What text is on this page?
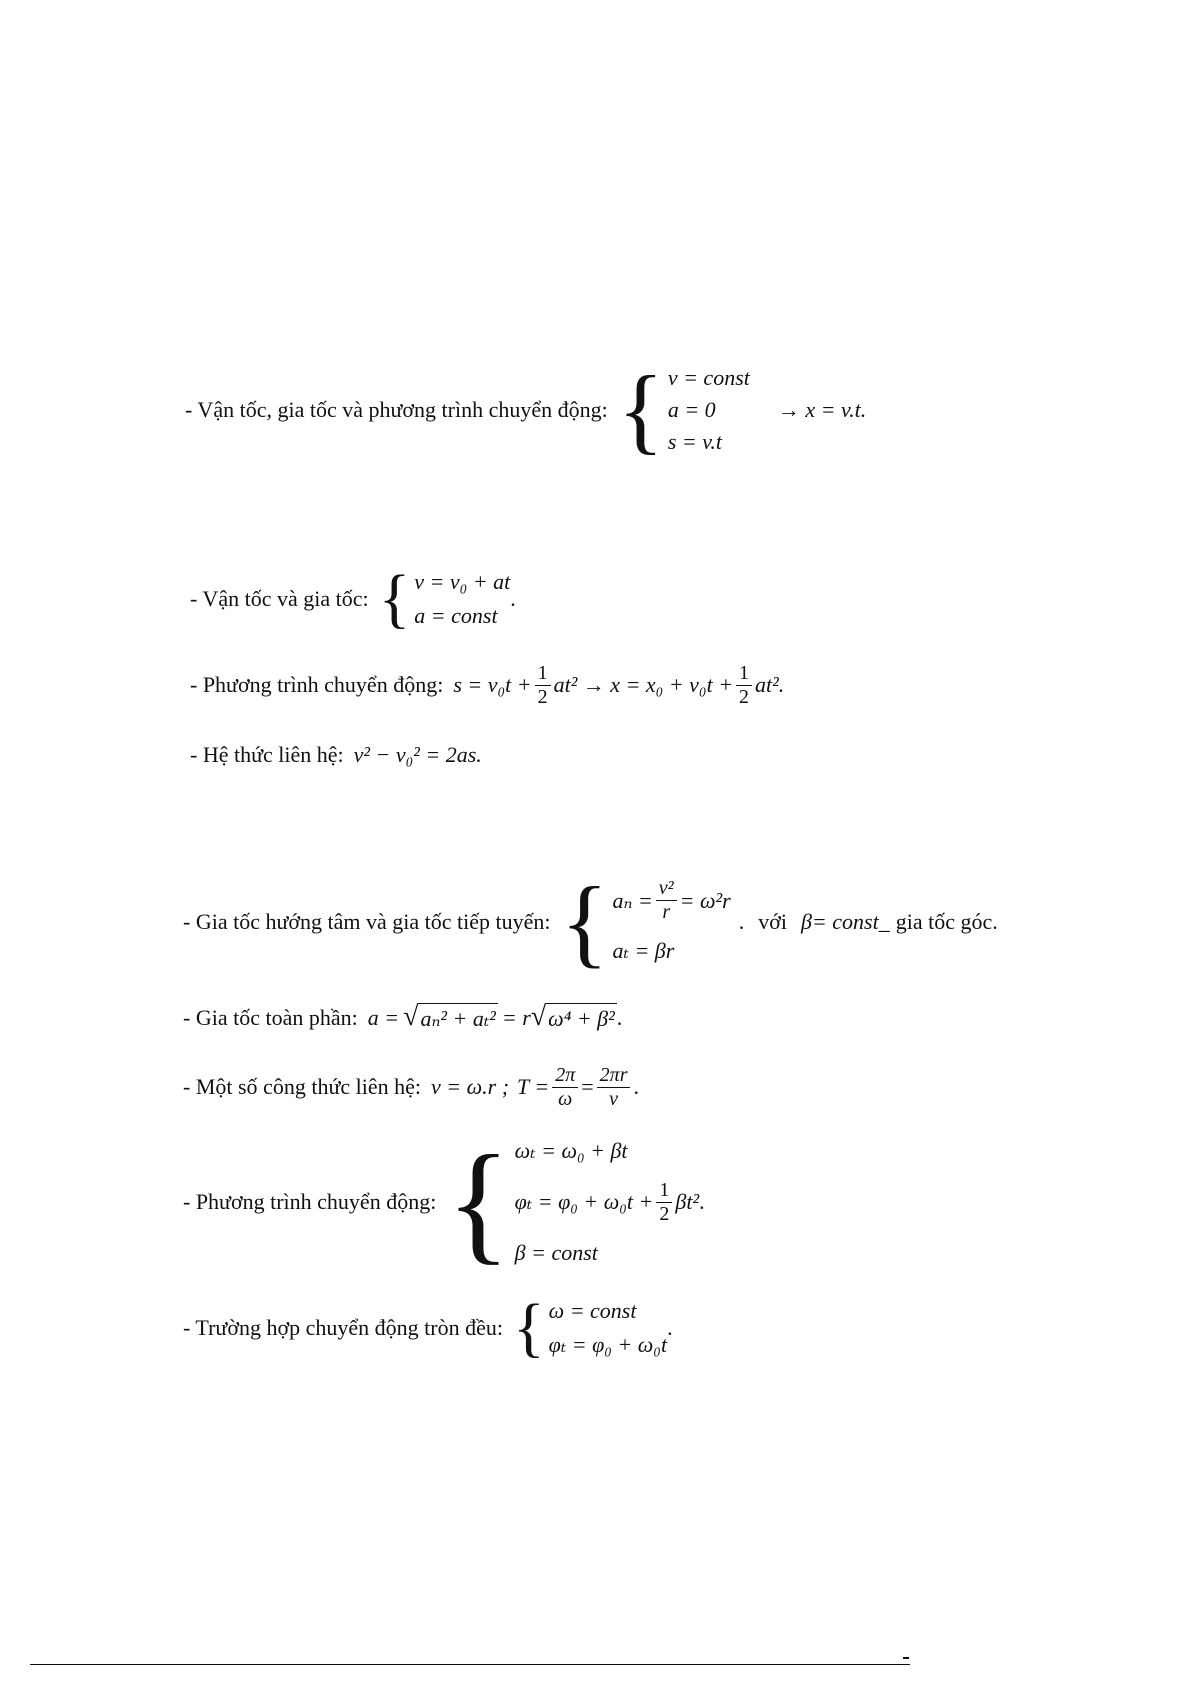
- Vận tốc, gia tốc và phương trình chuyển động: { v = const
a = 0
s = v.t
→ x = v.t.
- Vận tốc và gia tốc: { v = v₀ + at
a = const
.
- Phương trình chuyển động: $s = v_0t + \frac{1}{2} at^2 \to x = x_0 + v_0t + \frac{1}{2} at^2$.
- Hệ thức liên hệ: v² − v₀² = 2as.
- Gia tốc hướng tâm và gia tốc tiếp tuyến: { $a_n = \frac{\text{v²}}{r} = \omega^2r$
aₜ = βr
. với β= const_ gia tốc góc.
- Gia tốc toàn phần: a = √ aₙ² + aₜ² = r √ ω⁴ + β² .
- Một số công thức liên hệ: v = ω.r ; $T = \frac{2\pi}{\omega} = \frac{2\pi r}{v}$ .
- Phương trình chuyển động: { ωₜ = ω₀ + βt
$\varphi_t = \varphi_0 + \omega_0t + \frac{1}{2} \beta t^2$ .
β = const
- Trường hợp chuyển động tròn đều: { ω = const
φₜ = φ₀ + ω₀t
.
